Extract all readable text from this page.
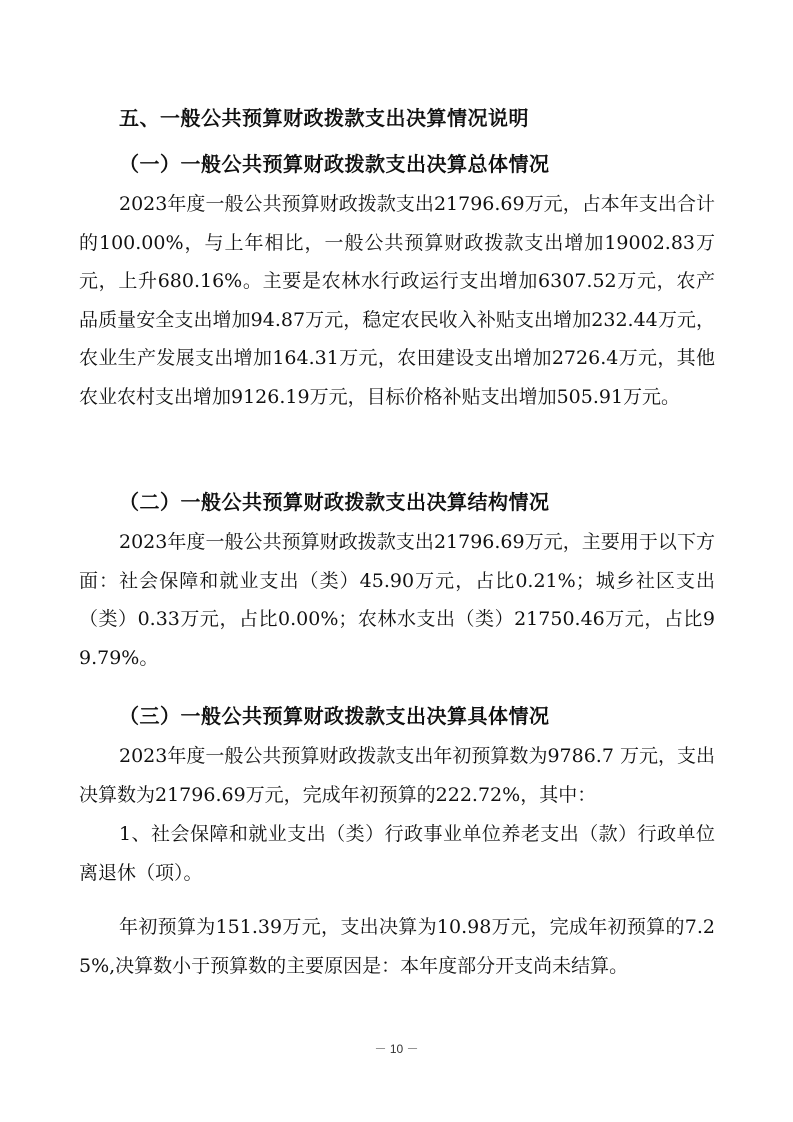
五、一般公共预算财政拨款支出决算情况说明
（一）一般公共预算财政拨款支出决算总体情况

2023年度一般公共预算财政拨款支出21796.69万元，占本年支出合计的100.00%，与上年相比，一般公共预算财政拨款支出增加19002.83万元，上升680.16%。主要是农林水行政运行支出增加6307.52万元，农产品质量安全支出增加94.87万元，稳定农民收入补贴支出增加232.44万元，农业生产发展支出增加164.31万元，农田建设支出增加2726.4万元，其他农业农村支出增加9126.19万元，目标价格补贴支出增加505.91万元。

（二）一般公共预算财政拨款支出决算结构情况

2023年度一般公共预算财政拨款支出21796.69万元，主要用于以下方面：社会保障和就业支出（类）45.90万元，占比0.21%；城乡社区支出（类）0.33万元，占比0.00%；农林水支出（类）21750.46万元，占比99.79%。

（三）一般公共预算财政拨款支出决算具体情况

2023年度一般公共预算财政拨款支出年初预算数为9786.7 万元，支出决算数为21796.69万元，完成年初预算的222.72%，其中：

1、社会保障和就业支出（类）行政事业单位养老支出（款）行政单位离退休（项）。

年初预算为151.39万元，支出决算为10.98万元，完成年初预算的7.25%,决算数小于预算数的主要原因是：本年度部分开支尚未结算。

－ 10 －
